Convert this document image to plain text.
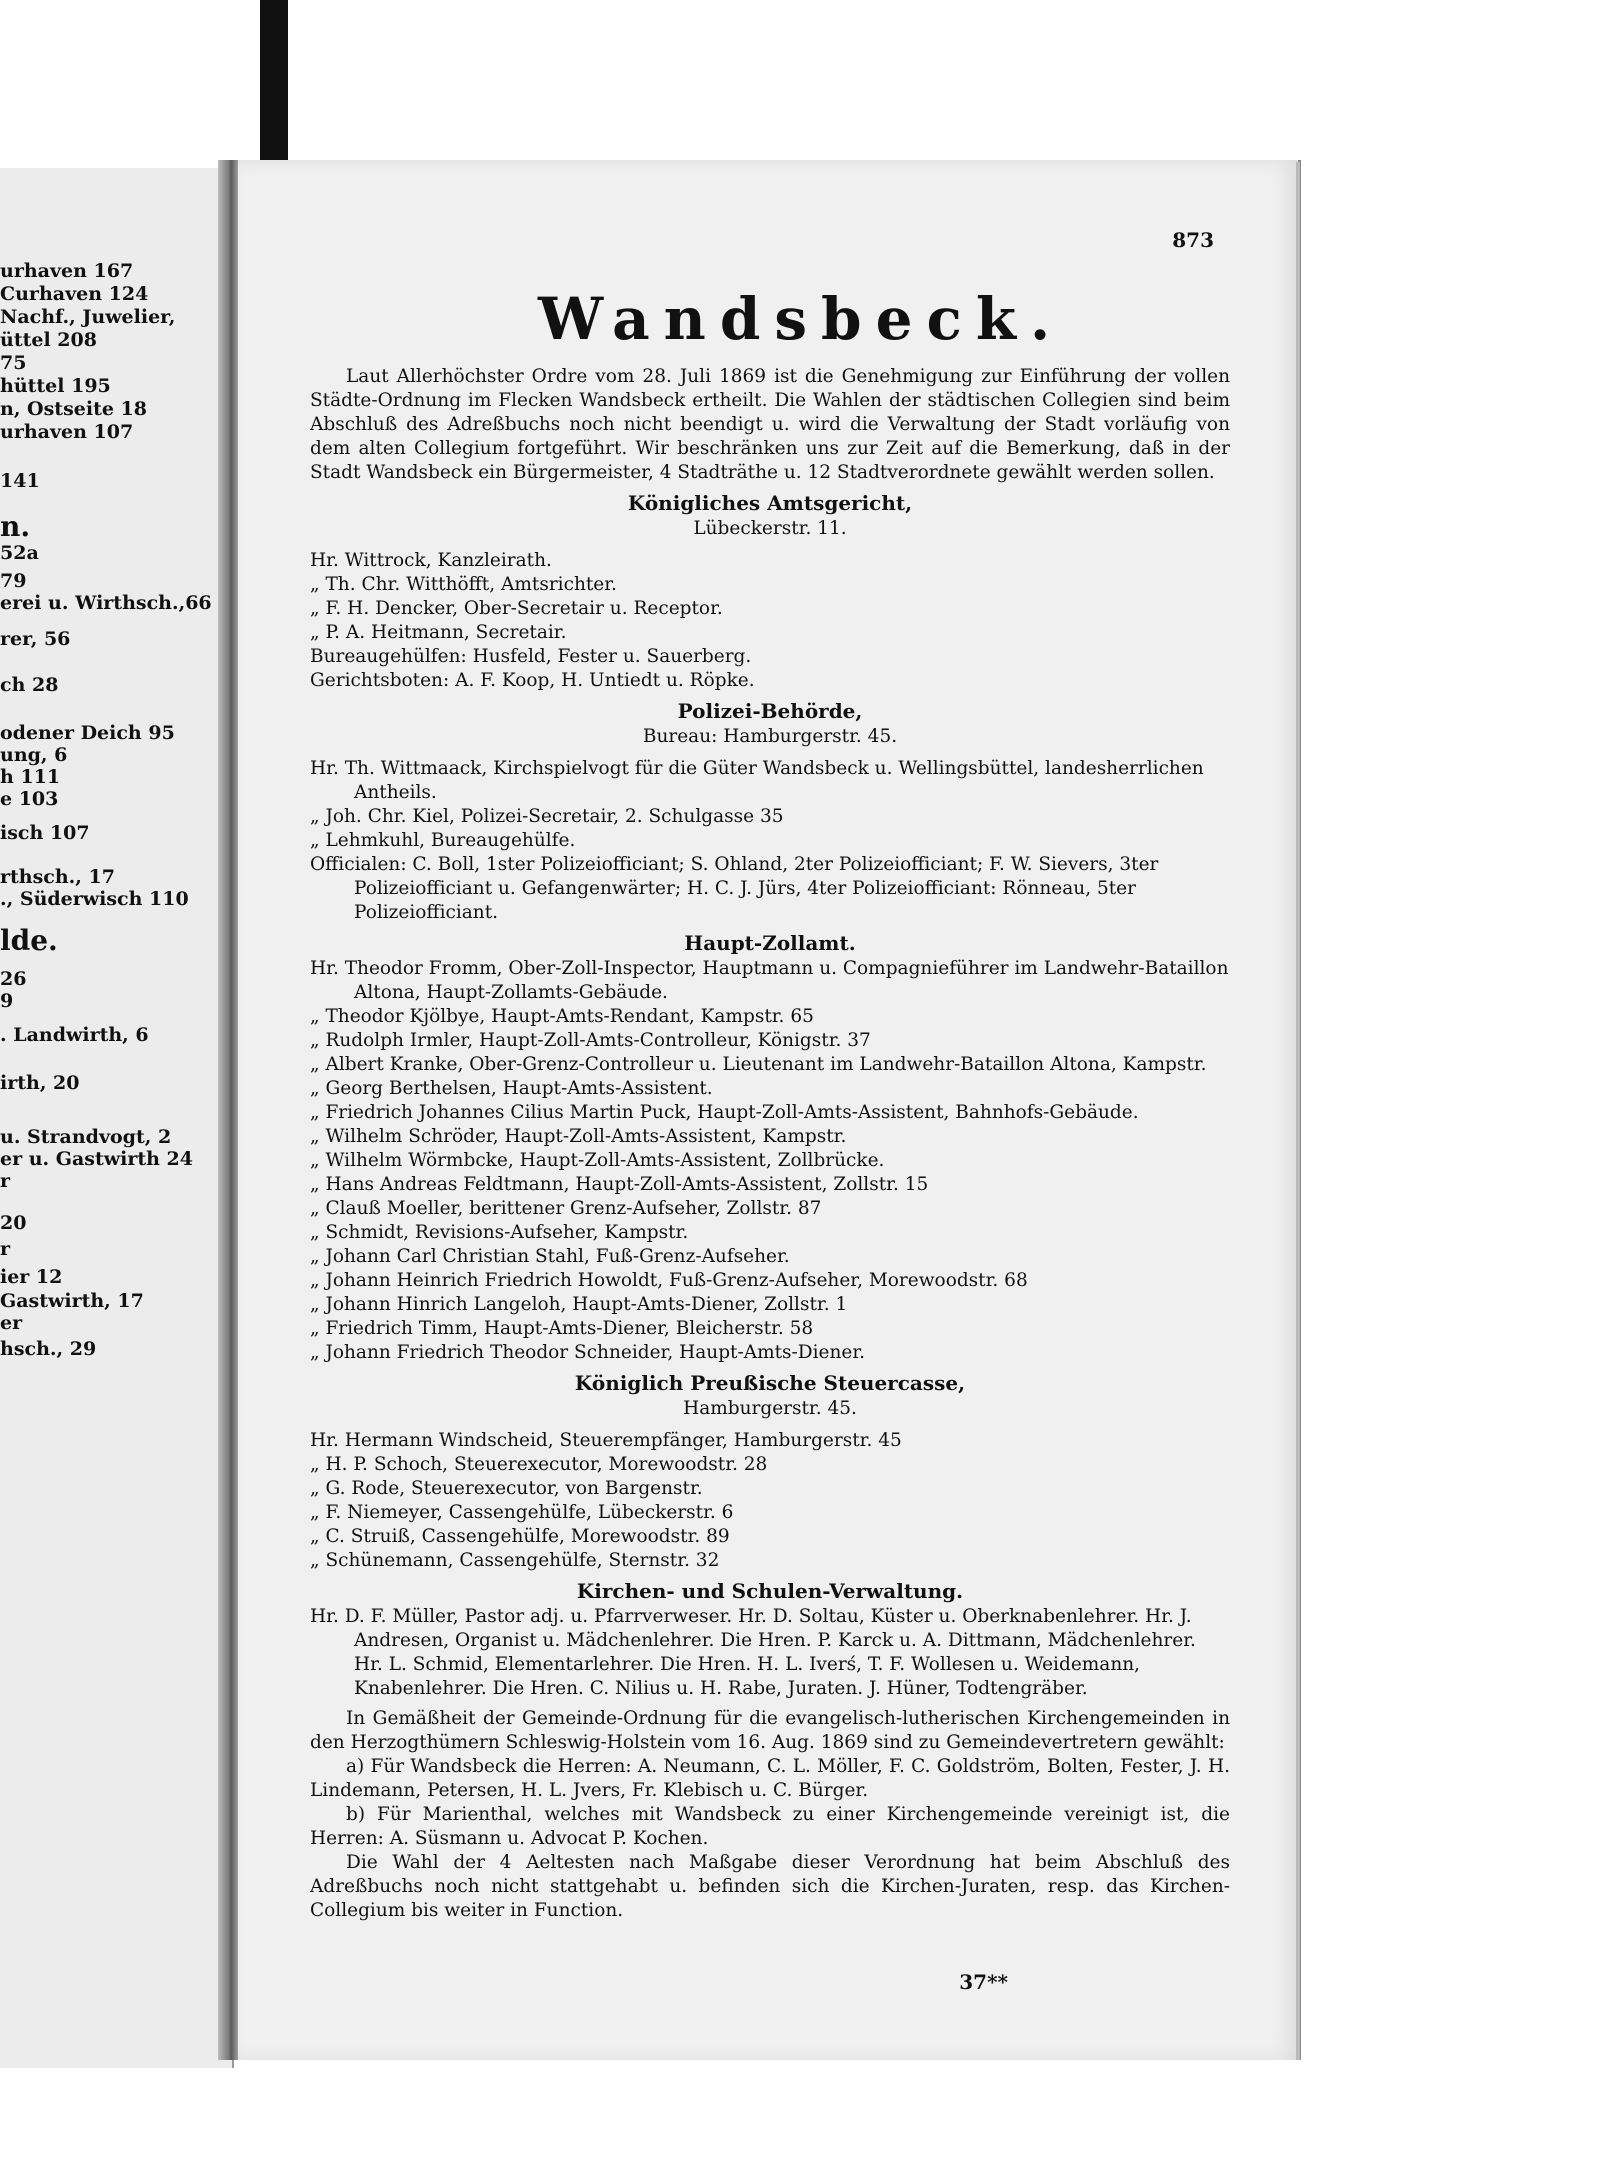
urhaven 167
Curhaven 124
Nachf., Juwelier,
üttel 208
75
hüttel 195
n, Ostseite 18
urhaven 107
141
n.
52a
79
erei u. Wirthsch.,66
rer, 56
ch 28
odener Deich 95
ung, 6
h 111
e 103
isch 107
rthsch., 17
., Süderwisch 110
lde.
26
9
. Landwirth, 6
irth, 20
u. Strandvogt, 2
er u. Gastwirth 24
r
20
r
ier 12
Gastwirth, 17
er
hsch., 29
873
Wandsbeck.

Laut Allerhöchster Ordre vom 28. Juli 1869 ist die Genehmigung zur Einführung der vollen Städte-Ordnung im Flecken Wandsbeck ertheilt. Die Wahlen der städtischen Collegien sind beim Abschluß des Adreßbuchs noch nicht beendigt u. wird die Verwaltung der Stadt vorläufig von dem alten Collegium fortgeführt. Wir beschränken uns zur Zeit auf die Bemerkung, daß in der Stadt Wandsbeck ein Bürgermeister, 4 Stadträthe u. 12 Stadtverordnete gewählt werden sollen.

Königliches Amtsgericht,
Lübeckerstr. 11.

Hr. Wittrock, Kanzleirath.

„ Th. Chr. Witthöfft, Amtsrichter.

„ F. H. Dencker, Ober-Secretair u. Receptor.

„ P. A. Heitmann, Secretair.

Bureaugehülfen: Husfeld, Fester u. Sauerberg.

Gerichtsboten: A. F. Koop, H. Untiedt u. Röpke.

Polizei-Behörde,
Bureau: Hamburgerstr. 45.

Hr. Th. Wittmaack, Kirchspielvogt für die Güter Wandsbeck u. Wellingsbüttel, landesherrlichen Antheils.

„ Joh. Chr. Kiel, Polizei-Secretair, 2. Schulgasse 35

„ Lehmkuhl, Bureaugehülfe.

Officialen: C. Boll, 1ster Polizeiofficiant; S. Ohland, 2ter Polizeiofficiant; F. W. Sievers, 3ter Polizeiofficiant u. Gefangenwärter; H. C. J. Jürs, 4ter Polizeiofficiant: Rönneau, 5ter Polizeiofficiant.

Haupt-Zollamt.

Hr. Theodor Fromm, Ober-Zoll-Inspector, Hauptmann u. Compagnieführer im Landwehr-Bataillon Altona, Haupt-Zollamts-Gebäude.

„ Theodor Kjölbye, Haupt-Amts-Rendant, Kampstr. 65

„ Rudolph Irmler, Haupt-Zoll-Amts-Controlleur, Königstr. 37

„ Albert Kranke, Ober-Grenz-Controlleur u. Lieutenant im Landwehr-Bataillon Altona, Kampstr.

„ Georg Berthelsen, Haupt-Amts-Assistent.

„ Friedrich Johannes Cilius Martin Puck, Haupt-Zoll-Amts-Assistent, Bahnhofs-Gebäude.

„ Wilhelm Schröder, Haupt-Zoll-Amts-Assistent, Kampstr.

„ Wilhelm Wörmbcke, Haupt-Zoll-Amts-Assistent, Zollbrücke.

„ Hans Andreas Feldtmann, Haupt-Zoll-Amts-Assistent, Zollstr. 15

„ Clauß Moeller, berittener Grenz-Aufseher, Zollstr. 87

„ Schmidt, Revisions-Aufseher, Kampstr.

„ Johann Carl Christian Stahl, Fuß-Grenz-Aufseher.

„ Johann Heinrich Friedrich Howoldt, Fuß-Grenz-Aufseher, Morewoodstr. 68

„ Johann Hinrich Langeloh, Haupt-Amts-Diener, Zollstr. 1

„ Friedrich Timm, Haupt-Amts-Diener, Bleicherstr. 58

„ Johann Friedrich Theodor Schneider, Haupt-Amts-Diener.

Königlich Preußische Steuercasse,
Hamburgerstr. 45.

Hr. Hermann Windscheid, Steuerempfänger, Hamburgerstr. 45

„ H. P. Schoch, Steuerexecutor, Morewoodstr. 28

„ G. Rode, Steuerexecutor, von Bargenstr.

„ F. Niemeyer, Cassengehülfe, Lübeckerstr. 6

„ C. Struiß, Cassengehülfe, Morewoodstr. 89

„ Schünemann, Cassengehülfe, Sternstr. 32

Kirchen- und Schulen-Verwaltung.

Hr. D. F. Müller, Pastor adj. u. Pfarrverweser. Hr. D. Soltau, Küster u. Oberknabenlehrer. Hr. J. Andresen, Organist u. Mädchenlehrer. Die Hren. P. Karck u. A. Dittmann, Mädchenlehrer. Hr. L. Schmid, Elementarlehrer. Die Hren. H. L. Iverś, T. F. Wollesen u. Weidemann, Knabenlehrer. Die Hren. C. Nilius u. H. Rabe, Juraten. J. Hüner, Todtengräber.

In Gemäßheit der Gemeinde-Ordnung für die evangelisch-lutherischen Kirchengemeinden in den Herzogthümern Schleswig-Holstein vom 16. Aug. 1869 sind zu Gemeindevertretern gewählt:

a) Für Wandsbeck die Herren: A. Neumann, C. L. Möller, F. C. Goldström, Bolten, Fester, J. H. Lindemann, Petersen, H. L. Jvers, Fr. Klebisch u. C. Bürger.

b) Für Marienthal, welches mit Wandsbeck zu einer Kirchengemeinde vereinigt ist, die Herren: A. Süsmann u. Advocat P. Kochen.

Die Wahl der 4 Aeltesten nach Maßgabe dieser Verordnung hat beim Abschluß des Adreßbuchs noch nicht stattgehabt u. befinden sich die Kirchen-Juraten, resp. das Kirchen-Collegium bis weiter in Function.

37**
